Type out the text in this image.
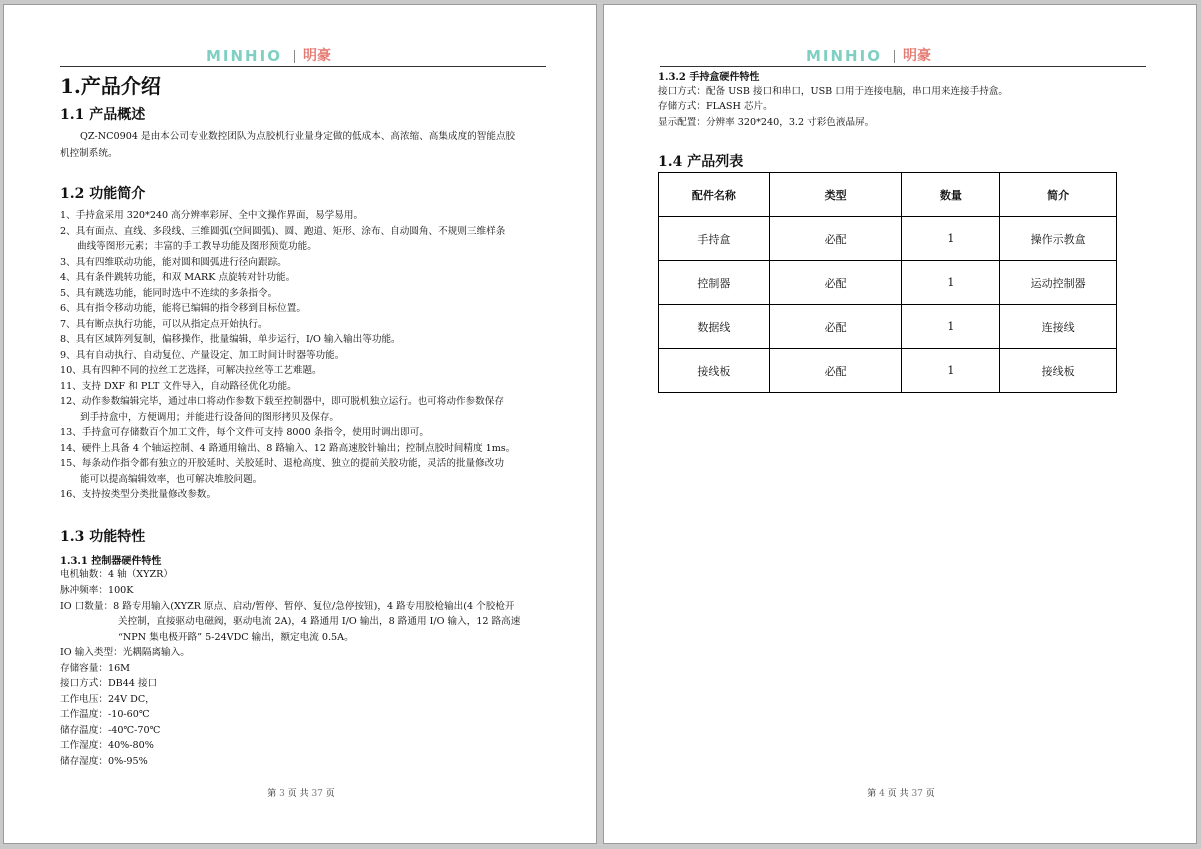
MINHIO 明豪
1.产品介绍
1.1 产品概述
QZ-NC0904 是由本公司专业数控团队为点胶机行业量身定做的低成本、高浓缩、高集成度的智能点胶
机控制系统。
1.2 功能简介
1、手持盒采用 320*240 高分辨率彩屏、全中文操作界面，易学易用。
2、具有面点、直线、多段线、三维圆弧(空间圆弧)、圆、跑道、矩形、涂布、自动圆角、不规则三维样条
曲线等图形元素；丰富的手工教导功能及图形预览功能。
3、具有四维联动功能，能对圆和圆弧进行径向跟踪。
4、具有条件跳转功能，和双 MARK 点旋转对针功能。
5、具有跳选功能，能同时选中不连续的多条指令。
6、具有指令移动功能，能将已编辑的指令移到目标位置。
7、具有断点执行功能，可以从指定点开始执行。
8、具有区域阵列复制，偏移操作，批量编辑，单步运行，I/O 输入输出等功能。
9、具有自动执行、自动复位、产量设定、加工时间计时器等功能。
10、具有四种不同的拉丝工艺选择，可解决拉丝等工艺难题。
11、支持 DXF 和 PLT 文件导入，自动路径优化功能。
12、动作参数编辑完毕，通过串口将动作参数下载至控制器中，即可脱机独立运行。也可将动作参数保存
到手持盒中，方便调用；并能进行设备间的图形拷贝及保存。
13、手持盒可存储数百个加工文件，每个文件可支持 8000 条指令，使用时调出即可。
14、硬件上具备 4 个轴运控制、4 路通用输出、8 路输入、12 路高速胶针输出；控制点胶时间精度 1ms。
15、每条动作指令都有独立的开胶延时、关胶延时、退枪高度、独立的提前关胶功能，灵活的批量修改功
能可以提高编辑效率，也可解决堆胶问题。
16、支持按类型分类批量修改参数。
1.3 功能特性
1.3.1 控制器硬件特性
电机轴数：4 轴（XYZR）
脉冲频率：100K
IO 口数量：8 路专用输入(XYZR 原点、启动/暂停、暂停、复位/急停按钮)，4 路专用胶枪输出(4 个胶枪开
关控制，直接驱动电磁阀，驱动电流 2A)，4 路通用 I/O 输出，8 路通用 I/O 输入，12 路高速
“NPN 集电极开路” 5-24VDC 输出，额定电流 0.5A。
IO 输入类型：光耦隔离输入。
存储容量：16M
接口方式：DB44 接口
工作电压：24V DC，
工作温度：-10-60℃
储存温度：-40℃-70℃
工作湿度：40%-80%
储存湿度：0%-95%
第 3 页 共 37 页
MINHIO 明豪
1.3.2 手持盒硬件特性
接口方式：配备 USB 接口和串口，USB 口用于连接电脑，串口用来连接手持盒。
存储方式：FLASH 芯片。
显示配置：分辨率 320*240，3.2 寸彩色液晶屏。
1.4 产品列表
配件名称	类型	数量	简介
手持盒	必配	1	操作示教盒
控制器	必配	1	运动控制器
数据线	必配	1	连接线
接线板	必配	1	接线板
第 4 页 共 37 页
